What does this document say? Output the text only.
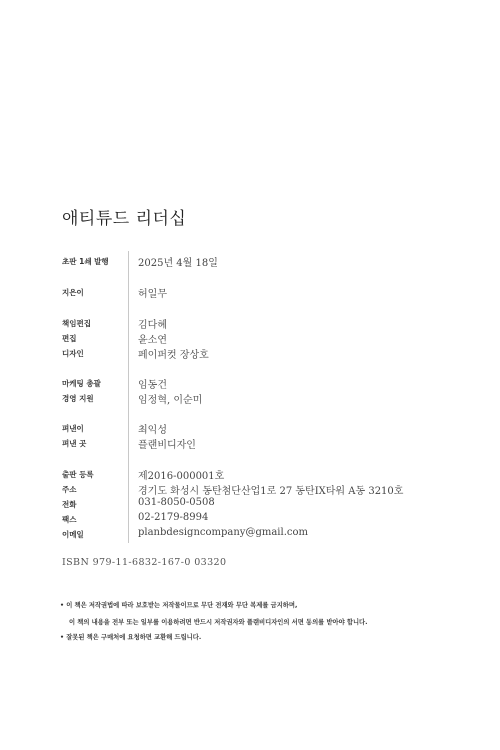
애티튜드 리더십
초판 1쇄 발행	2025년 4월 18일
지은이	허일무
책임편집	김다혜
편집	윤소연
디자인	페이퍼컷 장상호
마케팅 총괄	임동건
경영 지원	임정혁, 이순미
펴낸이	최익성
펴낸 곳	플랜비디자인
출판 등록	제2016-000001호
주소	경기도 화성시 동탄첨단산업1로 27 동탄IX타워 A동 3210호
전화	031-8050-0508
팩스	02-2179-8994
이메일	planbdesigncompany@gmail.com
ISBN 979-11-6832-167-0 03320
• 이 책은 저작권법에 따라 보호받는 저작물이므로 무단 전재와 무단 복제를 금지하며,
이 책의 내용을 전부 또는 일부를 이용하려면 반드시 저작권자와 플랜비디자인의 서면 동의를 받아야 합니다.
• 잘못된 책은 구매처에 요청하면 교환해 드립니다.
